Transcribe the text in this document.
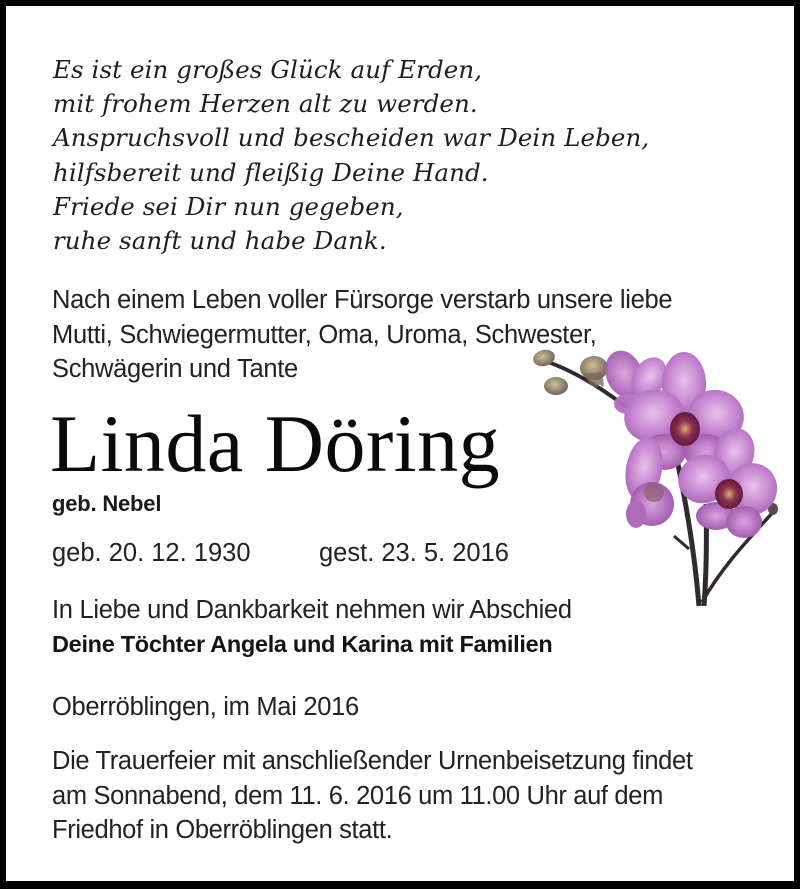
Es ist ein großes Glück auf Erden,
mit frohem Herzen alt zu werden.
Anspruchsvoll und bescheiden war Dein Leben,
hilfsbereit und fleißig Deine Hand.
Friede sei Dir nun gegeben,
ruhe sanft und habe Dank.
Nach einem Leben voller Fürsorge verstarb unsere liebe
Mutti, Schwiegermutter, Oma, Uroma, Schwester,
Schwägerin und Tante
Linda Döring
geb. Nebel
geb. 20. 12. 1930	gest. 23. 5. 2016
In Liebe und Dankbarkeit nehmen wir Abschied
Deine Töchter Angela und Karina mit Familien
Oberröblingen, im Mai 2016
Die Trauerfeier mit anschließender Urnenbeisetzung findet
am Sonnabend, dem 11. 6. 2016 um 11.00 Uhr auf dem
Friedhof in Oberröblingen statt.
